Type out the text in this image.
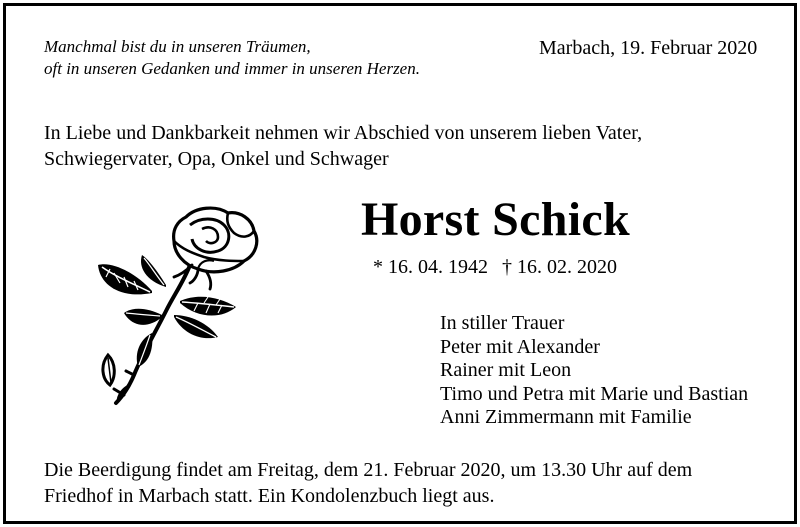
Manchmal bist du in unseren Träumen,
oft in unseren Gedanken und immer in unseren Herzen.
Marbach, 19. Februar 2020
In Liebe und Dankbarkeit nehmen wir Abschied von unserem lieben Vater,
Schwiegervater, Opa, Onkel und Schwager
Horst Schick
* 16. 04. 1942 † 16. 02. 2020
In stiller Trauer
Peter mit Alexander
Rainer mit Leon
Timo und Petra mit Marie und Bastian
Anni Zimmermann mit Familie
Die Beerdigung findet am Freitag, dem 21. Februar 2020, um 13.30 Uhr auf dem
Friedhof in Marbach statt. Ein Kondolenzbuch liegt aus.
